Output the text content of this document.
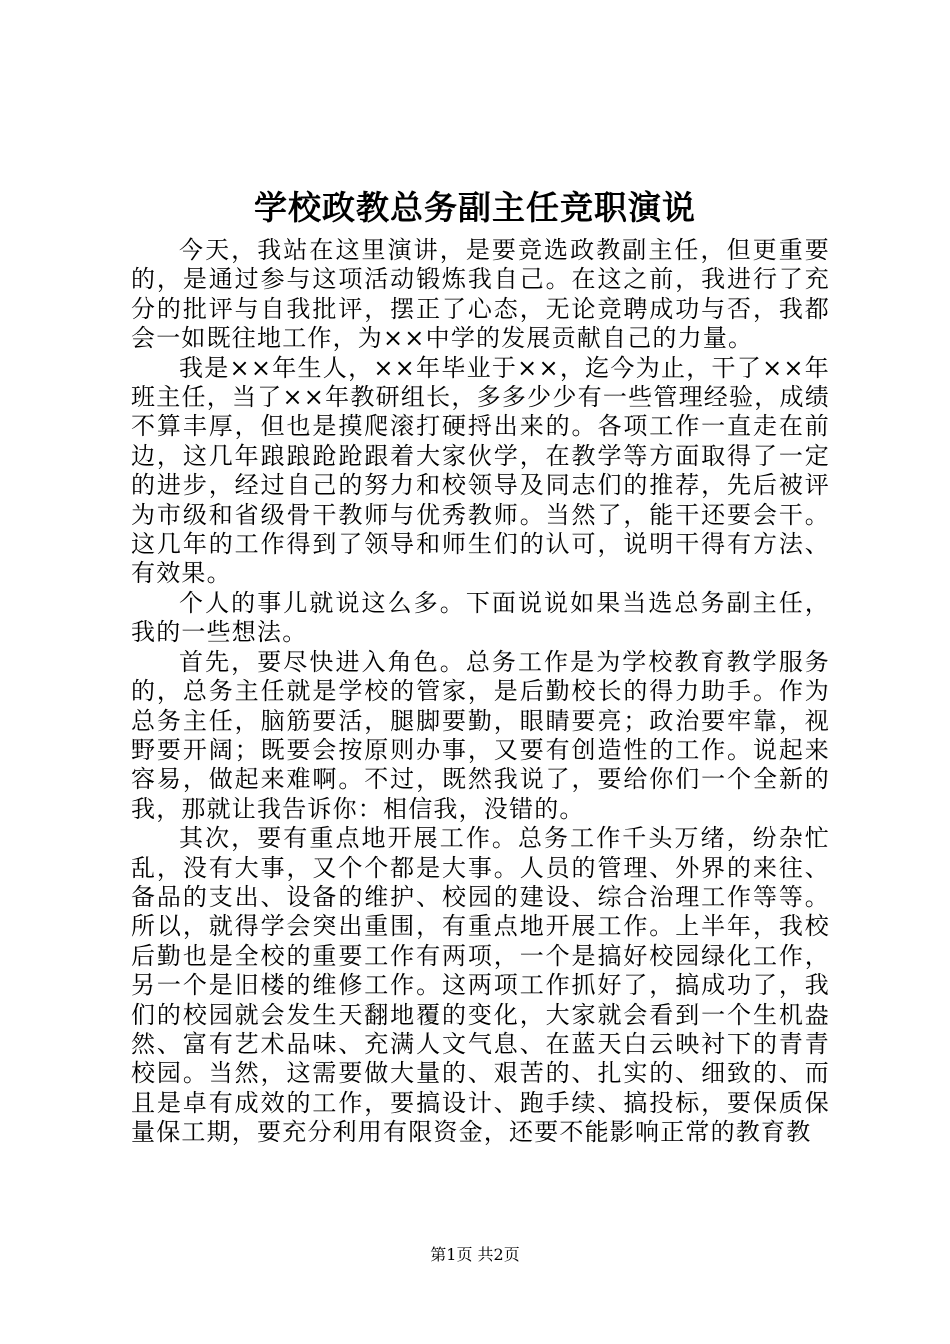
学校政教总务副主任竞职演说

今天，我站在这里演讲，是要竞选政教副主任，但更重要的，是通过参与这项活动锻炼我自己。在这之前，我进行了充分的批评与自我批评，摆正了心态，无论竞聘成功与否，我都会一如既往地工作，为××中学的发展贡献自己的力量。

我是××年生人，××年毕业于××，迄今为止，干了××年班主任，当了××年教研组长，多多少少有一些管理经验，成绩不算丰厚，但也是摸爬滚打硬捋出来的。各项工作一直走在前边，这几年踉踉跄跄跟着大家伙学，在教学等方面取得了一定的进步，经过自己的努力和校领导及同志们的推荐，先后被评为市级和省级骨干教师与优秀教师。当然了，能干还要会干。这几年的工作得到了领导和师生们的认可，说明干得有方法、有效果。

个人的事儿就说这么多。下面说说如果当选总务副主任，我的一些想法。

首先，要尽快进入角色。总务工作是为学校教育教学服务的，总务主任就是学校的管家，是后勤校长的得力助手。作为总务主任，脑筋要活，腿脚要勤，眼睛要亮；政治要牢靠，视野要开阔；既要会按原则办事，又要有创造性的工作。说起来容易，做起来难啊。不过，既然我说了，要给你们一个全新的我，那就让我告诉你：相信我，没错的。

其次，要有重点地开展工作。总务工作千头万绪，纷杂忙乱，没有大事，又个个都是大事。人员的管理、外界的来往、备品的支出、设备的维护、校园的建设、综合治理工作等等。所以，就得学会突出重围，有重点地开展工作。上半年，我校后勤也是全校的重要工作有两项，一个是搞好校园绿化工作，另一个是旧楼的维修工作。这两项工作抓好了，搞成功了，我们的校园就会发生天翻地覆的变化，大家就会看到一个生机盎然、富有艺术品味、充满人文气息、在蓝天白云映衬下的青青校园。当然，这需要做大量的、艰苦的、扎实的、细致的、而且是卓有成效的工作，要搞设计、跑手续、搞投标，要保质保量保工期，要充分利用有限资金，还要不能影响正常的教育教

第1页 共2页
